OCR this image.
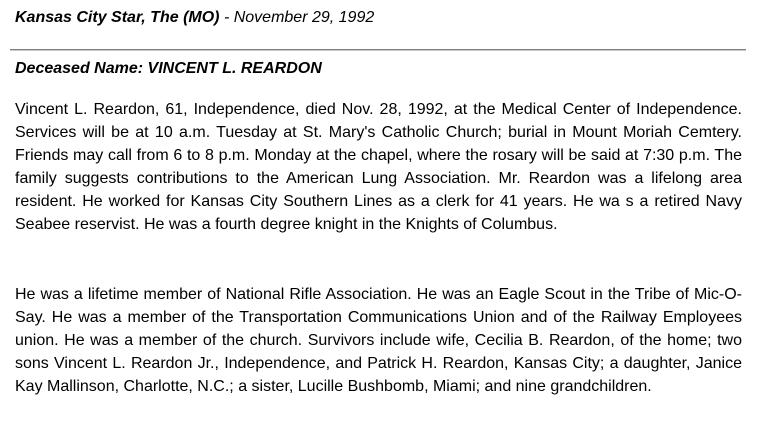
Kansas City Star, The (MO) - November 29, 1992
Deceased Name: VINCENT L. REARDON

Vincent L. Reardon, 61, Independence, died Nov. 28, 1992, at the Medical Center of Independence. Services will be at 10 a.m. Tuesday at St. Mary's Catholic Church; burial in Mount Moriah Cemtery. Friends may call from 6 to 8 p.m. Monday at the chapel, where the rosary will be said at 7:30 p.m. The family suggests contributions to the American Lung Association. Mr. Reardon was a lifelong area resident. He worked for Kansas City Southern Lines as a clerk for 41 years. He wa s a retired Navy Seabee reservist. He was a fourth degree knight in the Knights of Columbus.

He was a lifetime member of National Rifle Association. He was an Eagle Scout in the Tribe of Mic-O-Say. He was a member of the Transportation Communications Union and of the Railway Employees union. He was a member of the church. Survivors include wife, Cecilia B. Reardon, of the home; two sons Vincent L. Reardon Jr., Independence, and Patrick H. Reardon, Kansas City; a daughter, Janice Kay Mallinson, Charlotte, N.C.; a sister, Lucille Bushbomb, Miami; and nine grandchildren.
